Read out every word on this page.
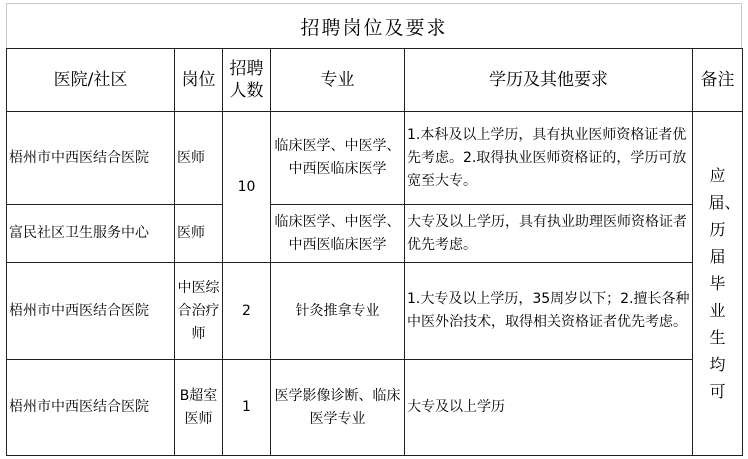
招聘岗位及要求
医院/社区	岗位	招聘人数	专业	学历及其他要求	备注
梧州市中西医结合医院	医师	10	临床医学、中医学、中西医临床医学	1.本科及以上学历，具有执业医师资格证者优先考虑。2.取得执业医师资格证的，学历可放宽至大专。	应届、历届毕业生均可

富民社区卫生服务中心	医师		临床医学、中医学、中西医临床医学	大专及以上学历，具有执业助理医师资格证者优先考虑。	
梧州市中西医结合医院	中医综合治疗师	2	针灸推拿专业	1.大专及以上学历，35周岁以下；2.擅长各种中医外治技术，取得相关资格证者优先考虑。	
梧州市中西医结合医院	B超室医师	1	医学影像诊断、临床医学专业	大专及以上学历	
